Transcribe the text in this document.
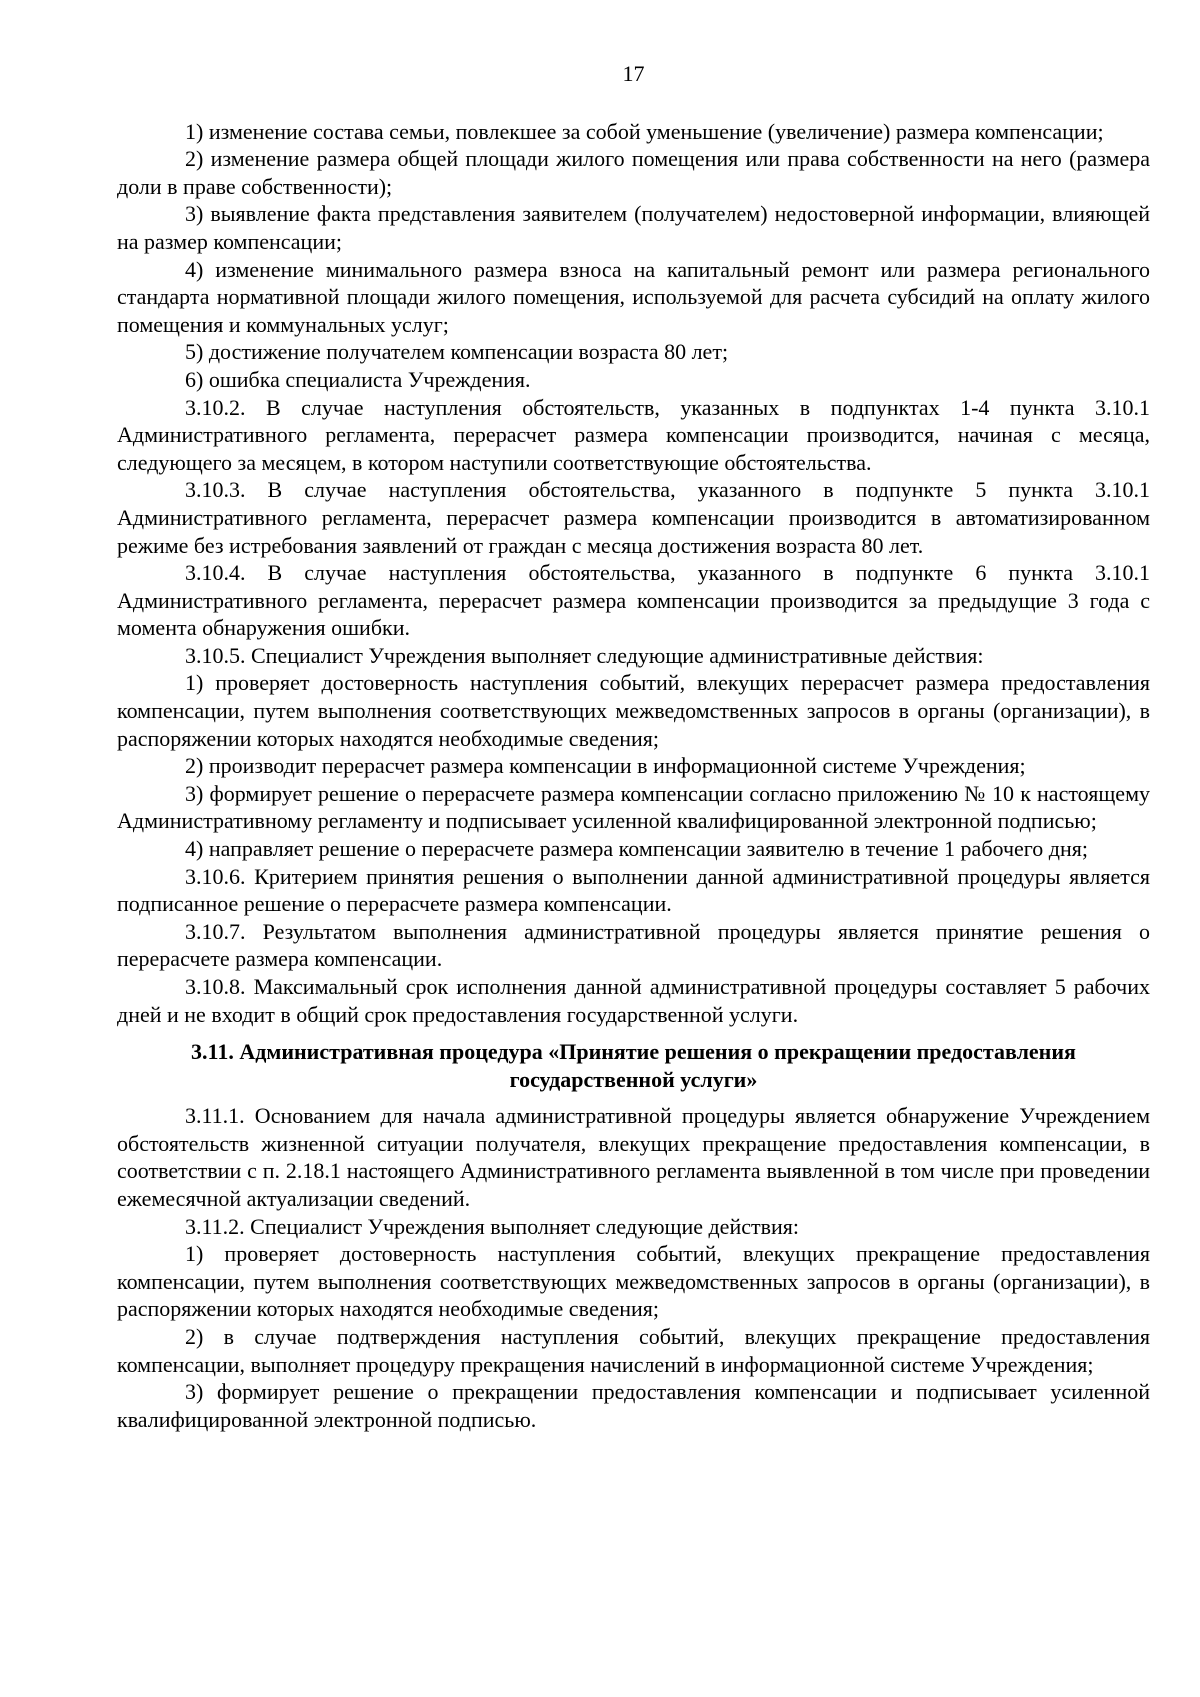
17

1) изменение состава семьи, повлекшее за собой уменьшение (увеличение) размера компенсации;

2) изменение размера общей площади жилого помещения или права собственности на него (размера доли в праве собственности);

3) выявление факта представления заявителем (получателем) недостоверной информации, влияющей на размер компенсации;

4) изменение минимального размера взноса на капитальный ремонт или размера регионального стандарта нормативной площади жилого помещения, используемой для расчета субсидий на оплату жилого помещения и коммунальных услуг;

5) достижение получателем компенсации возраста 80 лет;

6) ошибка специалиста Учреждения.

3.10.2. В случае наступления обстоятельств, указанных в подпунктах 1-4 пункта 3.10.1 Административного регламента, перерасчет размера компенсации производится, начиная с месяца, следующего за месяцем, в котором наступили соответствующие обстоятельства.

3.10.3. В случае наступления обстоятельства, указанного в подпункте 5 пункта 3.10.1 Административного регламента, перерасчет размера компенсации производится в автоматизированном режиме без истребования заявлений от граждан с месяца достижения возраста 80 лет.

3.10.4. В случае наступления обстоятельства, указанного в подпункте 6 пункта 3.10.1 Административного регламента, перерасчет размера компенсации производится за предыдущие 3 года с момента обнаружения ошибки.

3.10.5. Специалист Учреждения выполняет следующие административные действия:

1) проверяет достоверность наступления событий, влекущих перерасчет размера предоставления компенсации, путем выполнения соответствующих межведомственных запросов в органы (организации), в распоряжении которых находятся необходимые сведения;

2) производит перерасчет размера компенсации в информационной системе Учреждения;

3) формирует решение о перерасчете размера компенсации согласно приложению № 10 к настоящему Административному регламенту и подписывает усиленной квалифицированной электронной подписью;

4) направляет решение о перерасчете размера компенсации заявителю в течение 1 рабочего дня;

3.10.6. Критерием принятия решения о выполнении данной административной процедуры является подписанное решение о перерасчете размера компенсации.

3.10.7. Результатом выполнения административной процедуры является принятие решения о перерасчете размера компенсации.

3.10.8. Максимальный срок исполнения данной административной процедуры составляет 5 рабочих дней и не входит в общий срок предоставления государственной услуги.

3.11. Административная процедура «Принятие решения о прекращении предоставления
государственной услуги»

3.11.1. Основанием для начала административной процедуры является обнаружение Учреждением обстоятельств жизненной ситуации получателя, влекущих прекращение предоставления компенсации, в соответствии с п. 2.18.1 настоящего Административного регламента выявленной в том числе при проведении ежемесячной актуализации сведений.

3.11.2. Специалист Учреждения выполняет следующие действия:

1) проверяет достоверность наступления событий, влекущих прекращение предоставления компенсации, путем выполнения соответствующих межведомственных запросов в органы (организации), в распоряжении которых находятся необходимые сведения;

2) в случае подтверждения наступления событий, влекущих прекращение предоставления компенсации, выполняет процедуру прекращения начислений в информационной системе Учреждения;

3) формирует решение о прекращении предоставления компенсации и подписывает усиленной квалифицированной электронной подписью.
